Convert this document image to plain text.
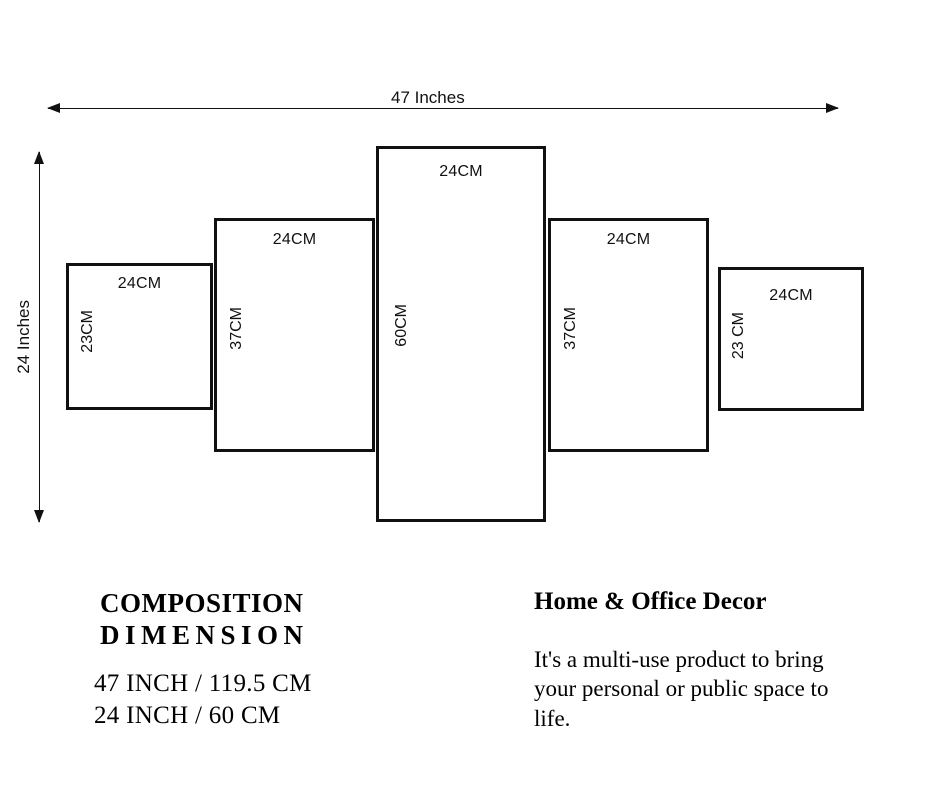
47 Inches
24 Inches
24CM
23CM
24CM
37CM
24CM
60CM
24CM
37CM
24CM
23 CM
COMPOSITION
DIMENSION
47 INCH / 119.5 CM
24 INCH / 60 CM
Home & Office Decor
It's a multi-use product to bring your personal or public space to life.
